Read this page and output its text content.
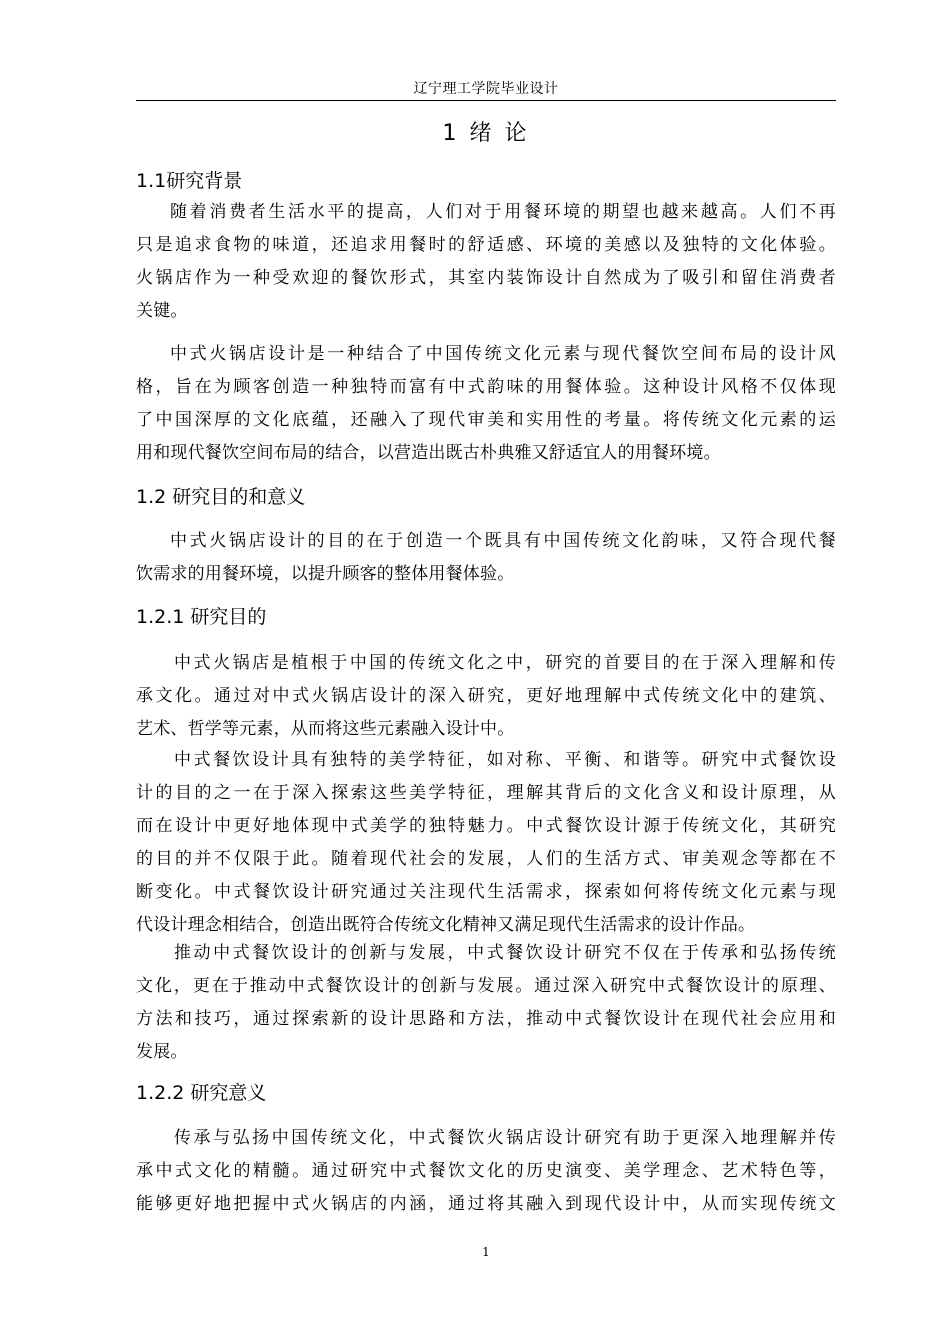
辽宁理工学院毕业设计
1 绪 论
1.1研究背景
随着消费者生活水平的提高，人们对于用餐环境的期望也越来越高。人们不再
只是追求食物的味道，还追求用餐时的舒适感、环境的美感以及独特的文化体验。
火锅店作为一种受欢迎的餐饮形式，其室内装饰设计自然成为了吸引和留住消费者
关键。
中式火锅店设计是一种结合了中国传统文化元素与现代餐饮空间布局的设计风
格，旨在为顾客创造一种独特而富有中式韵味的用餐体验。这种设计风格不仅体现
了中国深厚的文化底蕴，还融入了现代审美和实用性的考量。将传统文化元素的运
用和现代餐饮空间布局的结合，以营造出既古朴典雅又舒适宜人的用餐环境。
1.2 研究目的和意义
中式火锅店设计的目的在于创造一个既具有中国传统文化韵味，又符合现代餐
饮需求的用餐环境，以提升顾客的整体用餐体验。
1.2.1 研究目的
中式火锅店是植根于中国的传统文化之中，研究的首要目的在于深入理解和传
承文化。通过对中式火锅店设计的深入研究，更好地理解中式传统文化中的建筑、
艺术、哲学等元素，从而将这些元素融入设计中。
中式餐饮设计具有独特的美学特征，如对称、平衡、和谐等。研究中式餐饮设
计的目的之一在于深入探索这些美学特征，理解其背后的文化含义和设计原理，从
而在设计中更好地体现中式美学的独特魅力。中式餐饮设计源于传统文化，其研究
的目的并不仅限于此。随着现代社会的发展，人们的生活方式、审美观念等都在不
断变化。中式餐饮设计研究通过关注现代生活需求，探索如何将传统文化元素与现
代设计理念相结合，创造出既符合传统文化精神又满足现代生活需求的设计作品。
推动中式餐饮设计的创新与发展，中式餐饮设计研究不仅在于传承和弘扬传统
文化，更在于推动中式餐饮设计的创新与发展。通过深入研究中式餐饮设计的原理、
方法和技巧，通过探索新的设计思路和方法，推动中式餐饮设计在现代社会应用和
发展。
1.2.2 研究意义
传承与弘扬中国传统文化，中式餐饮火锅店设计研究有助于更深入地理解并传
承中式文化的精髓。通过研究中式餐饮文化的历史演变、美学理念、艺术特色等，
能够更好地把握中式火锅店的内涵，通过将其融入到现代设计中，从而实现传统文
1
